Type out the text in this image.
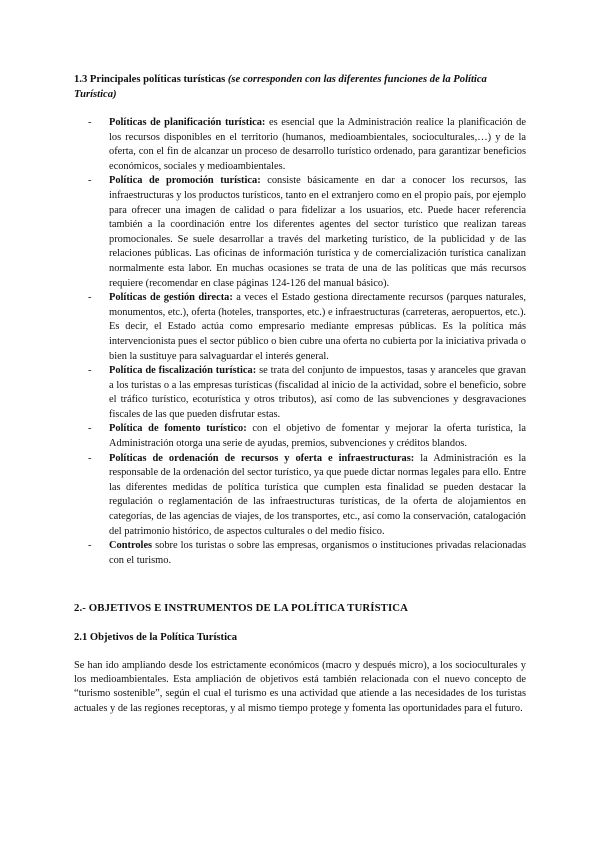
1.3 Principales políticas turísticas (se corresponden con las diferentes funciones de la Política Turística)
- Políticas de planificación turística: es esencial que la Administración realice la planificación de los recursos disponibles en el territorio (humanos, medioambientales, socioculturales,…) y de la oferta, con el fin de alcanzar un proceso de desarrollo turístico ordenado, para garantizar beneficios económicos, sociales y medioambientales.
- Política de promoción turística: consiste básicamente en dar a conocer los recursos, las infraestructuras y los productos turísticos, tanto en el extranjero como en el propio país, por ejemplo para ofrecer una imagen de calidad o para fidelizar a los usuarios, etc. Puede hacer referencia también a la coordinación entre los diferentes agentes del sector turístico que realizan tareas promocionales. Se suele desarrollar a través del marketing turístico, de la publicidad y de las relaciones públicas. Las oficinas de información turística y de comercialización turística canalizan normalmente esta labor. En muchas ocasiones se trata de una de las políticas que más recursos requiere (recomendar en clase páginas 124-126 del manual básico).
- Políticas de gestión directa: a veces el Estado gestiona directamente recursos (parques naturales, monumentos, etc.), oferta (hoteles, transportes, etc.) e infraestructuras (carreteras, aeropuertos, etc.). Es decir, el Estado actúa como empresario mediante empresas públicas. Es la política más intervencionista pues el sector público o bien cubre una oferta no cubierta por la iniciativa privada o bien la sustituye para salvaguardar el interés general.
- Política de fiscalización turística: se trata del conjunto de impuestos, tasas y aranceles que gravan a los turistas o a las empresas turísticas (fiscalidad al inicio de la actividad, sobre el beneficio, sobre el tráfico turístico, ecoturística y otros tributos), así como de las subvenciones y desgravaciones fiscales de las que pueden disfrutar estas.
- Política de fomento turístico: con el objetivo de fomentar y mejorar la oferta turística, la Administración otorga una serie de ayudas, premios, subvenciones y créditos blandos.
- Políticas de ordenación de recursos y oferta e infraestructuras: la Administración es la responsable de la ordenación del sector turístico, ya que puede dictar normas legales para ello. Entre las diferentes medidas de política turística que cumplen esta finalidad se pueden destacar la regulación o reglamentación de las infraestructuras turísticas, de la oferta de alojamientos en categorías, de las agencias de viajes, de los transportes, etc., así como la conservación, catalogación del patrimonio histórico, de aspectos culturales o del medio físico.
- Controles sobre los turistas o sobre las empresas, organismos o instituciones privadas relacionadas con el turismo.
2.- OBJETIVOS E INSTRUMENTOS DE LA POLÍTICA TURÍSTICA
2.1 Objetivos de la Política Turística
Se han ido ampliando desde los estrictamente económicos (macro y después micro), a los socioculturales y los medioambientales. Esta ampliación de objetivos está también relacionada con el nuevo concepto de “turismo sostenible”, según el cual el turismo es una actividad que atiende a las necesidades de los turistas actuales y de las regiones receptoras, y al mismo tiempo protege y fomenta las oportunidades para el futuro.
